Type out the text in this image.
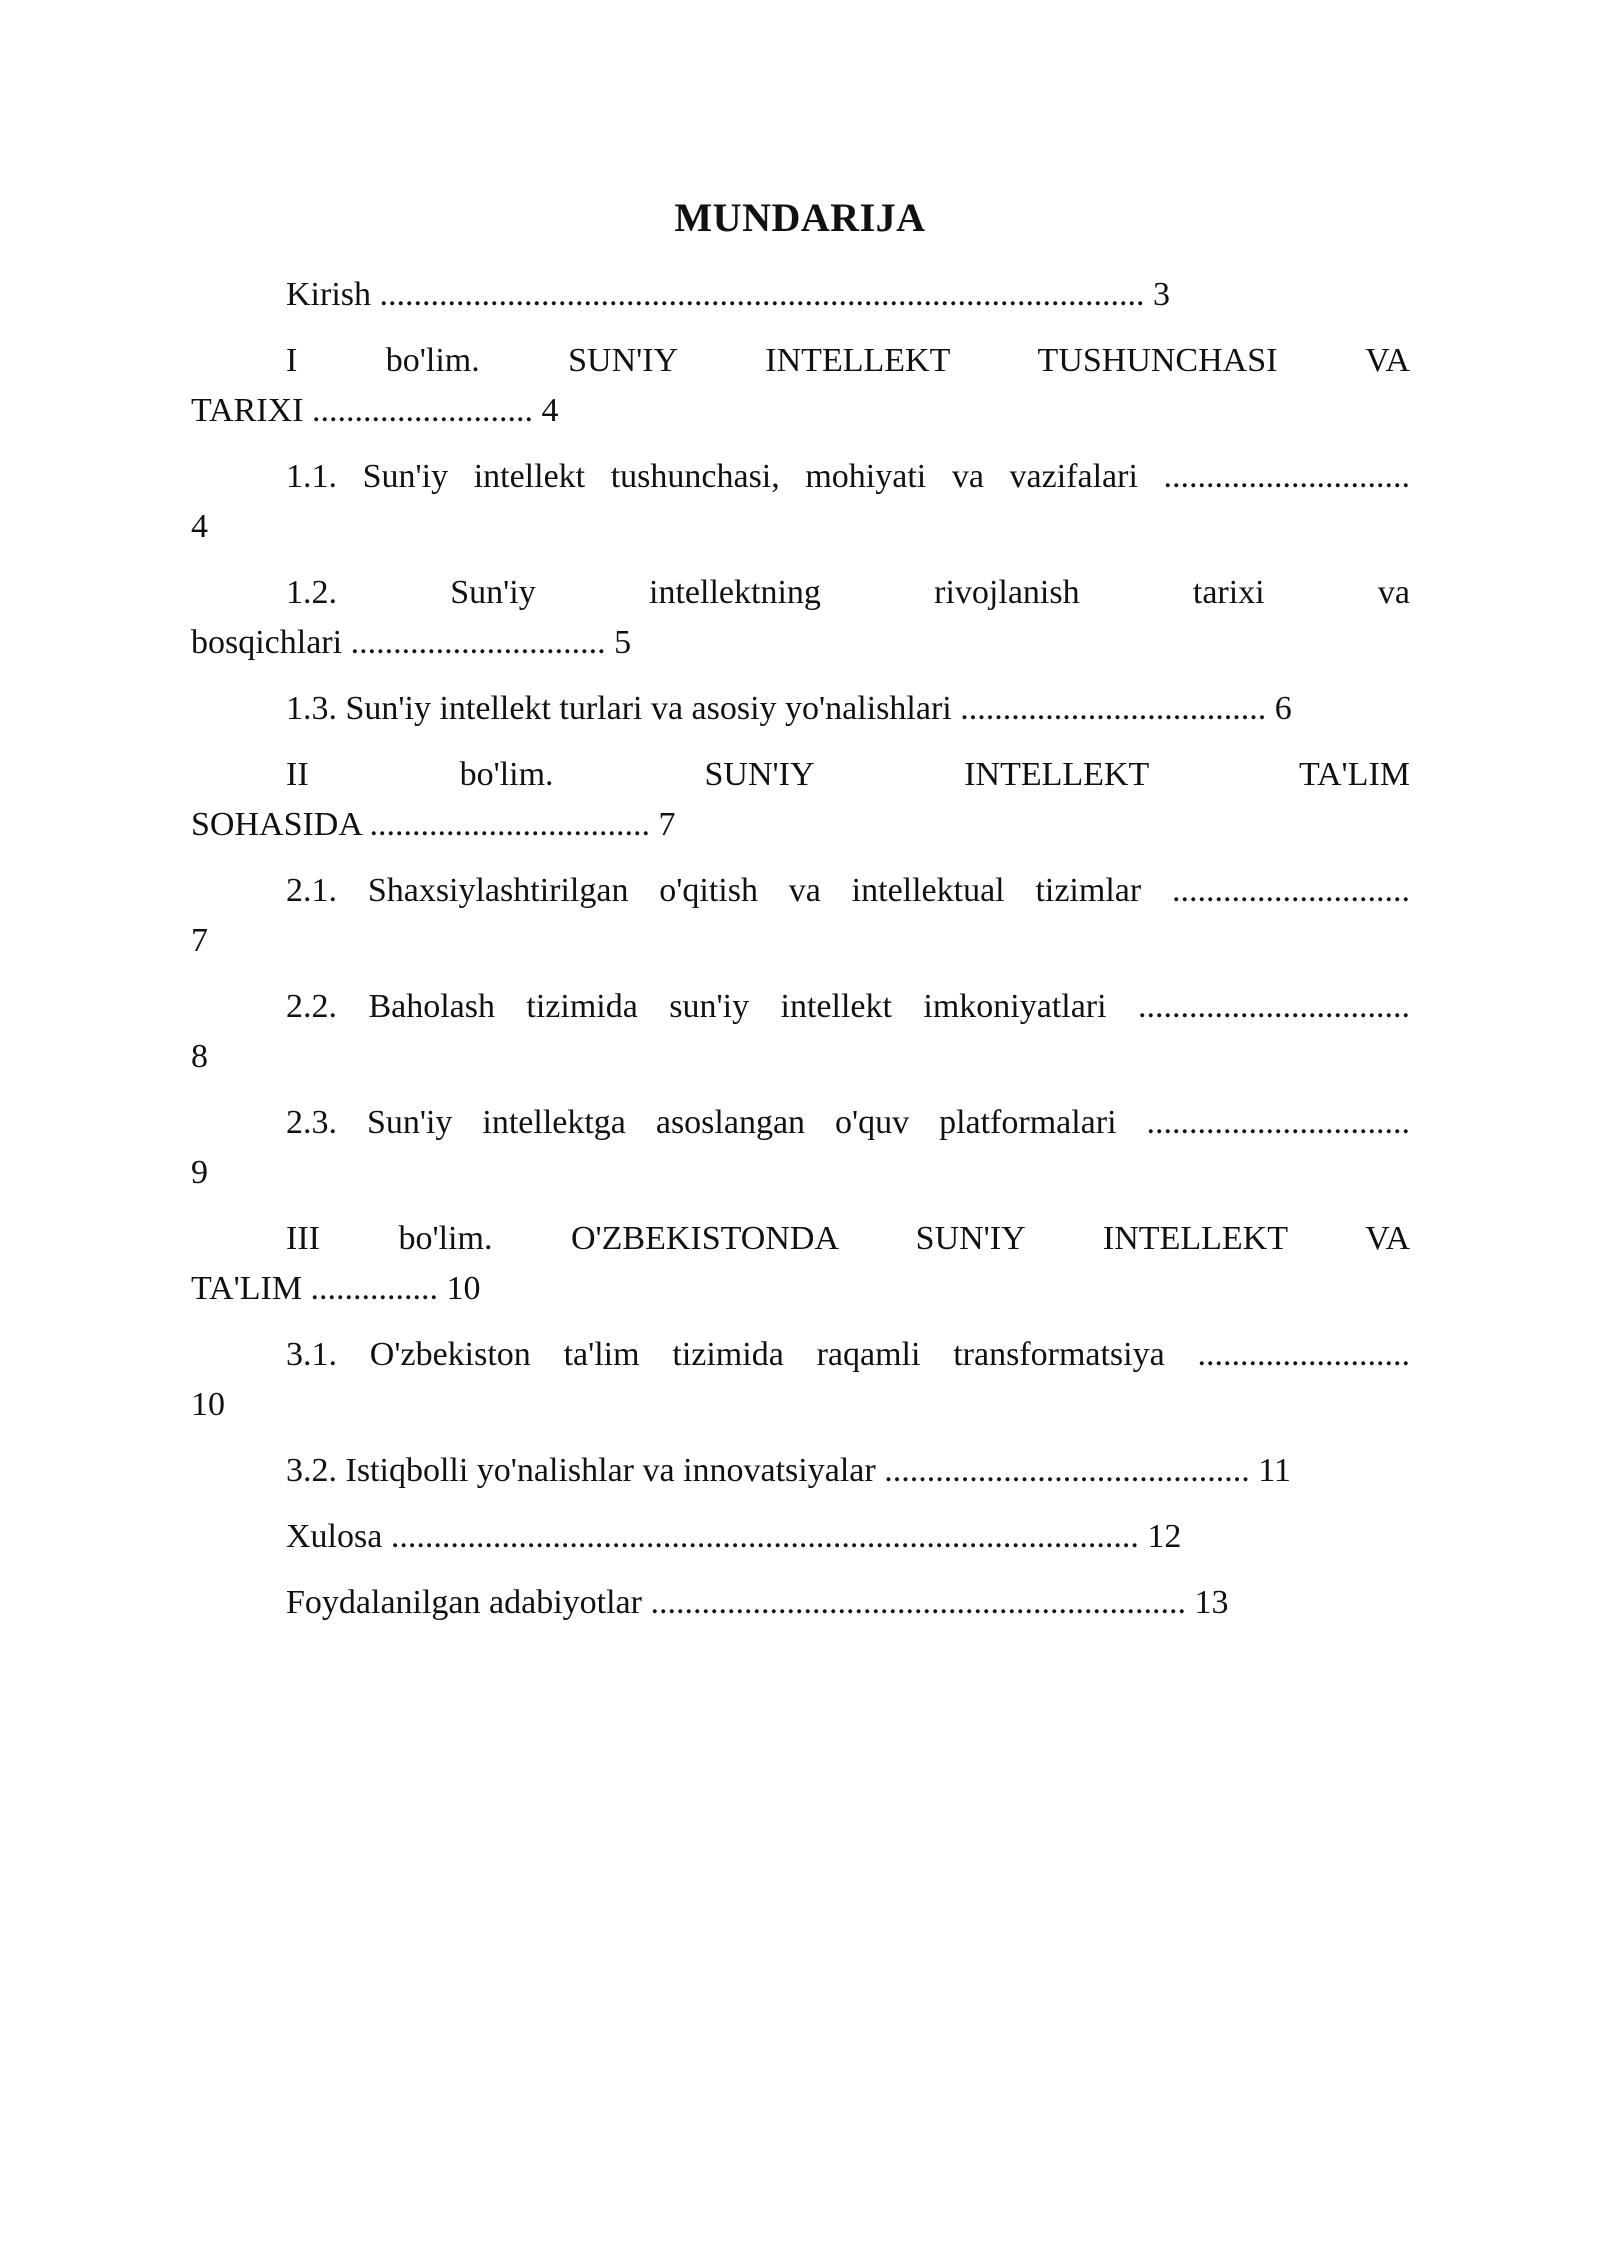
MUNDARIJA
Kirish .......................................................................................... 3
I bo'lim. SUN'IY INTELLEKT TUSHUNCHASI VA
TARIXI .......................... 4
1.1. Sun'iy intellekt tushunchasi, mohiyati va vazifalari .............................
4
1.2. Sun'iy intellektning rivojlanish tarixi va
bosqichlari .............................. 5
1.3. Sun'iy intellekt turlari va asosiy yo'nalishlari .................................... 6
II bo'lim. SUN'IY INTELLEKT TA'LIM
SOHASIDA ................................. 7
2.1. Shaxsiylashtirilgan o'qitish va intellektual tizimlar ............................
7
2.2. Baholash tizimida sun'iy intellekt imkoniyatlari ................................
8
2.3. Sun'iy intellektga asoslangan o'quv platformalari ...............................
9
III bo'lim. O'ZBEKISTONDA SUN'IY INTELLEKT VA
TA'LIM ............... 10
3.1. O'zbekiston ta'lim tizimida raqamli transformatsiya .........................
10
3.2. Istiqbolli yo'nalishlar va innovatsiyalar ........................................... 11
Xulosa ........................................................................................ 12
Foydalanilgan adabiyotlar ............................................................... 13
